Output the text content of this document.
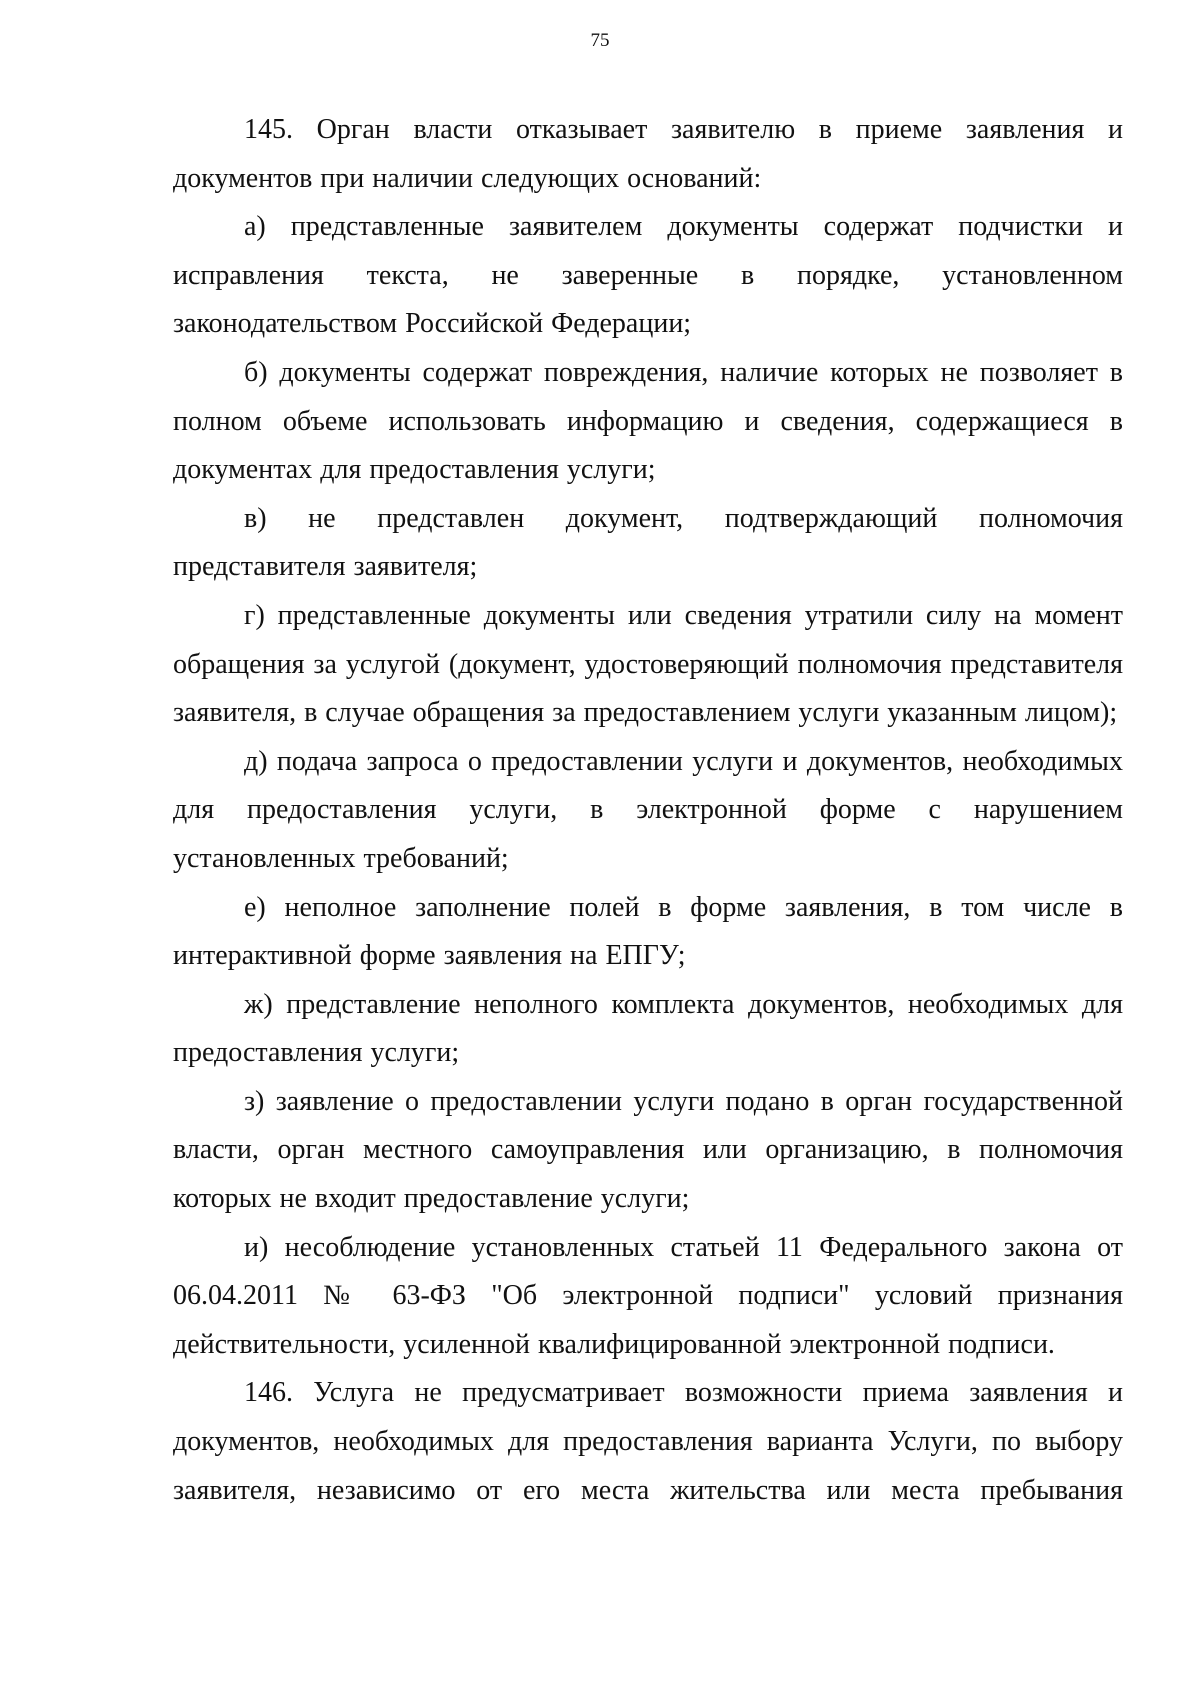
75

145. Орган власти отказывает заявителю в приеме заявления и документов при наличии следующих оснований:

а) представленные заявителем документы содержат подчистки и исправления текста, не заверенные в порядке, установленном законодательством Российской Федерации;

б) документы содержат повреждения, наличие которых не позволяет в полном объеме использовать информацию и сведения, содержащиеся в документах для предоставления услуги;

в) не представлен документ, подтверждающий полномочия представителя заявителя;

г) представленные документы или сведения утратили силу на момент обращения за услугой (документ, удостоверяющий полномочия представителя заявителя, в случае обращения за предоставлением услуги указанным лицом);

д) подача запроса о предоставлении услуги и документов, необходимых для предоставления услуги, в электронной форме с нарушением установленных требований;

е) неполное заполнение полей в форме заявления, в том числе в интерактивной форме заявления на ЕПГУ;

ж) представление неполного комплекта документов, необходимых для предоставления услуги;

з) заявление о предоставлении услуги подано в орган государственной власти, орган местного самоуправления или организацию, в полномочия которых не входит предоставление услуги;

и) несоблюдение установленных статьей 11 Федерального закона от 06.04.2011 № 63-ФЗ "Об электронной подписи" условий признания действительности, усиленной квалифицированной электронной подписи.

146. Услуга не предусматривает возможности приема заявления и документов, необходимых для предоставления варианта Услуги, по выбору заявителя, независимо от его места жительства или места пребывания
